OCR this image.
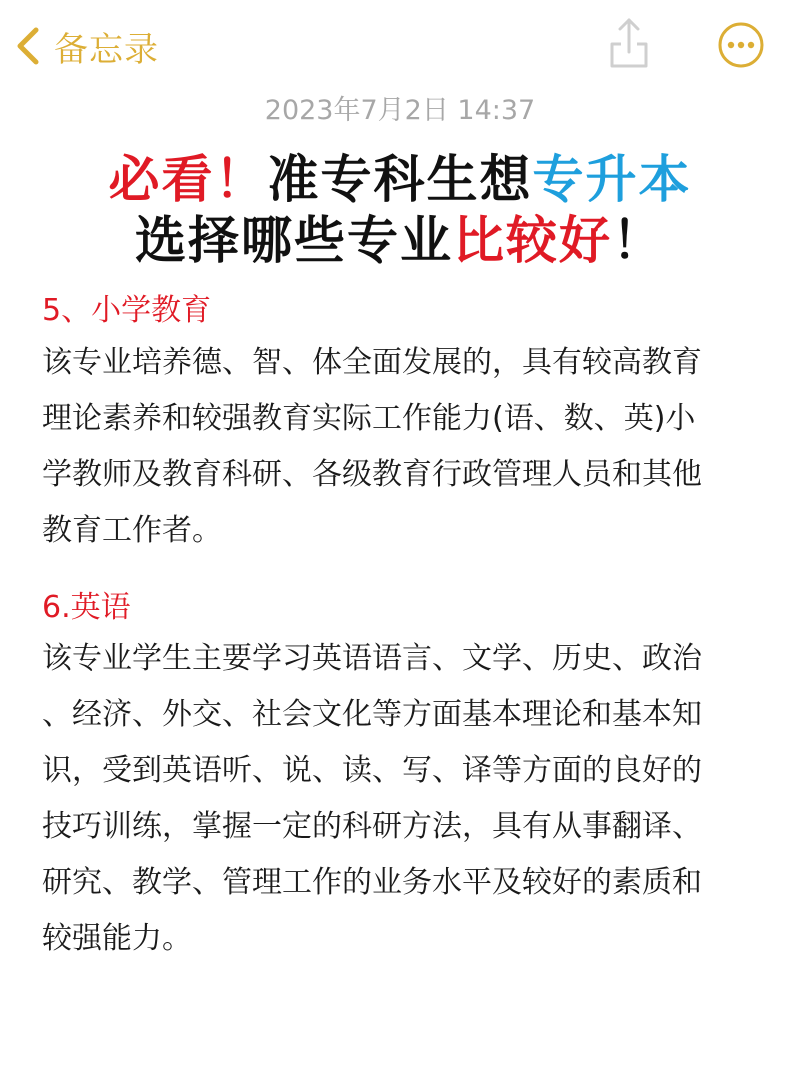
备忘录
2023年7月2日 14:37
必看！准专科生想专升本
选择哪些专业比较好！
5、小学教育
该专业培养德、智、体全面发展的，具有较高教育
理论素养和较强教育实际工作能力(语、数、英)小
学教师及教育科研、各级教育行政管理人员和其他
教育工作者。
6.英语
该专业学生主要学习英语语言、文学、历史、政治
、经济、外交、社会文化等方面基本理论和基本知
识，受到英语听、说、读、写、译等方面的良好的
技巧训练，掌握一定的科研方法，具有从事翻译、
研究、教学、管理工作的业务水平及较好的素质和
较强能力。
